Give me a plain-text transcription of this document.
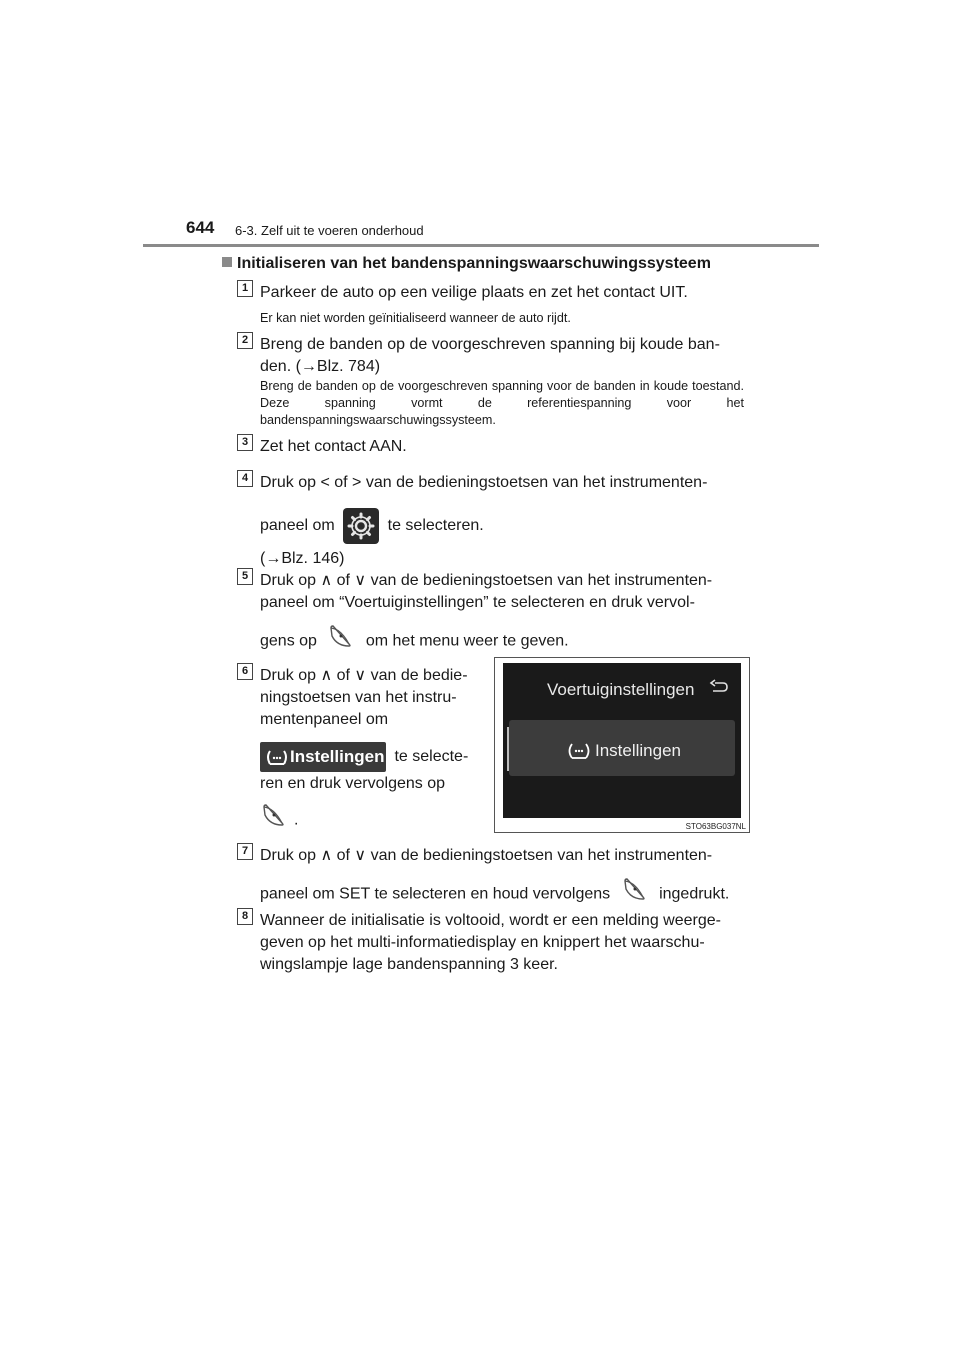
644 6-3. Zelf uit te voeren onderhoud
Initialiseren van het bandenspanningswaarschuwingssysteem
1 Parkeer de auto op een veilige plaats en zet het contact UIT.
Er kan niet worden geïnitialiseerd wanneer de auto rijdt.
2 Breng de banden op de voorgeschreven spanning bij koude ban-
den. (→Blz. 784)
Breng de banden op de voorgeschreven spanning voor de banden in koude toestand. Deze spanning vormt de referentiespanning voor het bandenspanningswaarschuwingssysteem.
3 Zet het contact AAN.
4 Druk op < of > van de bedieningstoetsen van het instrumenten-
paneel om	te selecteren.
(→Blz. 146)
5 Druk op ∧ of ∨ van de bedieningstoetsen van het instrumenten-
paneel om “Voertuiginstellingen” te selecteren en druk vervol-
gens op	om het menu weer te geven.
6 Druk op ∧ of ∨ van de bedie-
ningstoetsen van het instru-
mentenpaneel om
Instellingen te selecte-
ren en druk vervolgens op
.
Voertuiginstellingen
Instellingen
STO63BG037NL
7 Druk op ∧ of ∨ van de bedieningstoetsen van het instrumenten-
paneel om SET te selecteren en houd vervolgens	ingedrukt.
8 Wanneer de initialisatie is voltooid, wordt er een melding weerge-
geven op het multi-informatiedisplay en knippert het waarschu-
wingslampje lage bandenspanning 3 keer.
